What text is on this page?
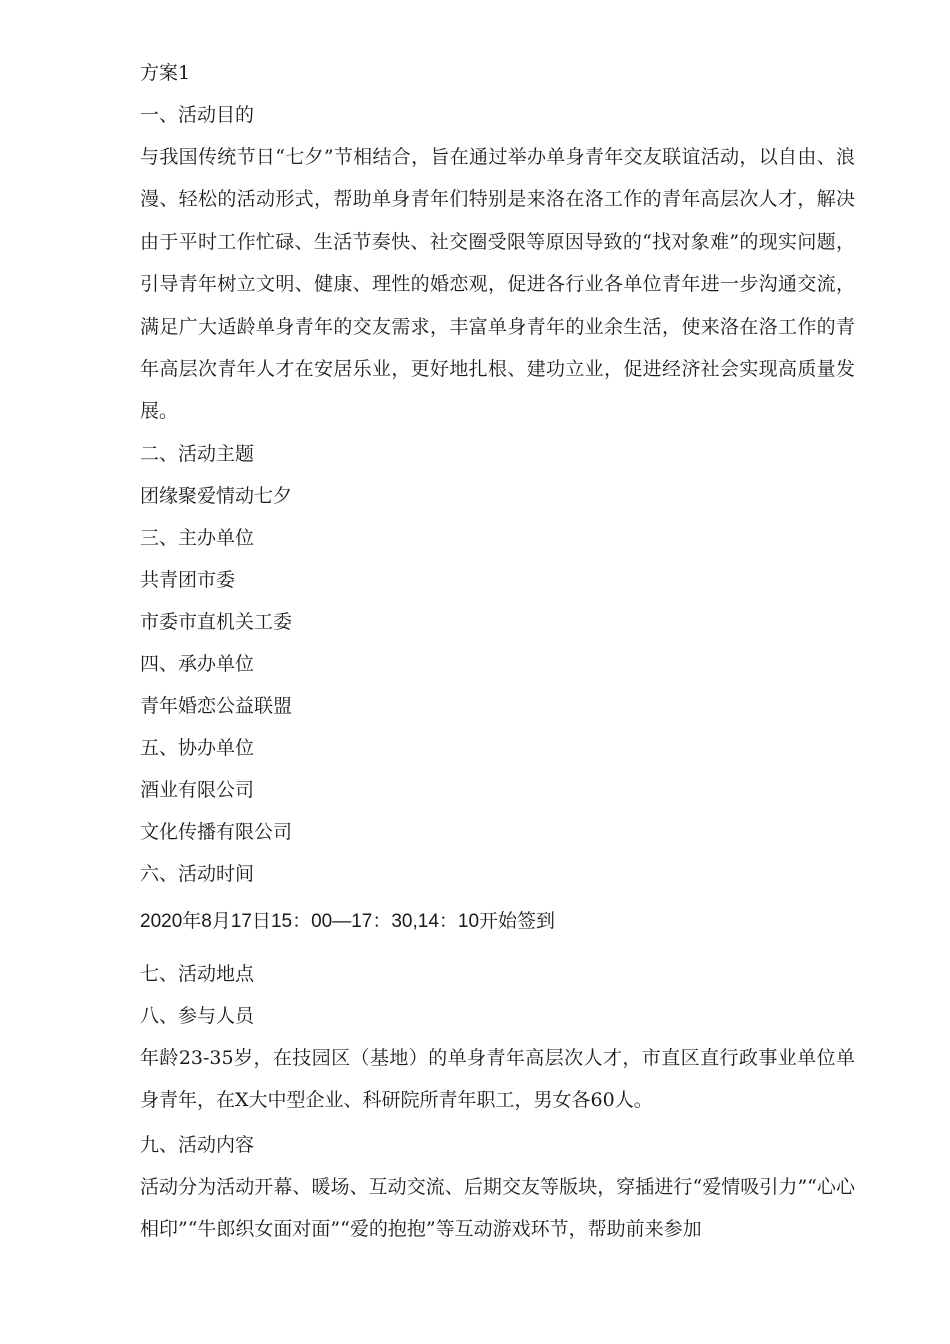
方案1
一、活动目的

与我国传统节日“七夕”节相结合，旨在通过举办单身青年交友联谊活动，以自由、浪漫、轻松的活动形式，帮助单身青年们特别是来洛在洛工作的青年高层次人才，解决由于平时工作忙碌、生活节奏快、社交圈受限等原因导致的“找对象难”的现实问题，引导青年树立文明、健康、理性的婚恋观，促进各行业各单位青年进一步沟通交流，满足广大适龄单身青年的交友需求，丰富单身青年的业余生活，使来洛在洛工作的青年高层次青年人才在安居乐业，更好地扎根、建功立业，促进经济社会实现高质量发展。

二、活动主题
团缘聚爱情动七夕
三、主办单位
共青团市委
市委市直机关工委
四、承办单位
青年婚恋公益联盟
五、协办单位
酒业有限公司
文化传播有限公司
六、活动时间
2020年8月17日15：00—17：30,14：10开始签到
七、活动地点
八、参与人员

年龄23-35岁，在技园区（基地）的单身青年高层次人才，市直区直行政事业单位单身青年，在X大中型企业、科研院所青年职工，男女各60人。

九、活动内容

活动分为活动开幕、暖场、互动交流、后期交友等版块，穿插进行“爱情吸引力”“心心相印”“牛郎织女面对面”“爱的抱抱”等互动游戏环节，帮助前来参加
